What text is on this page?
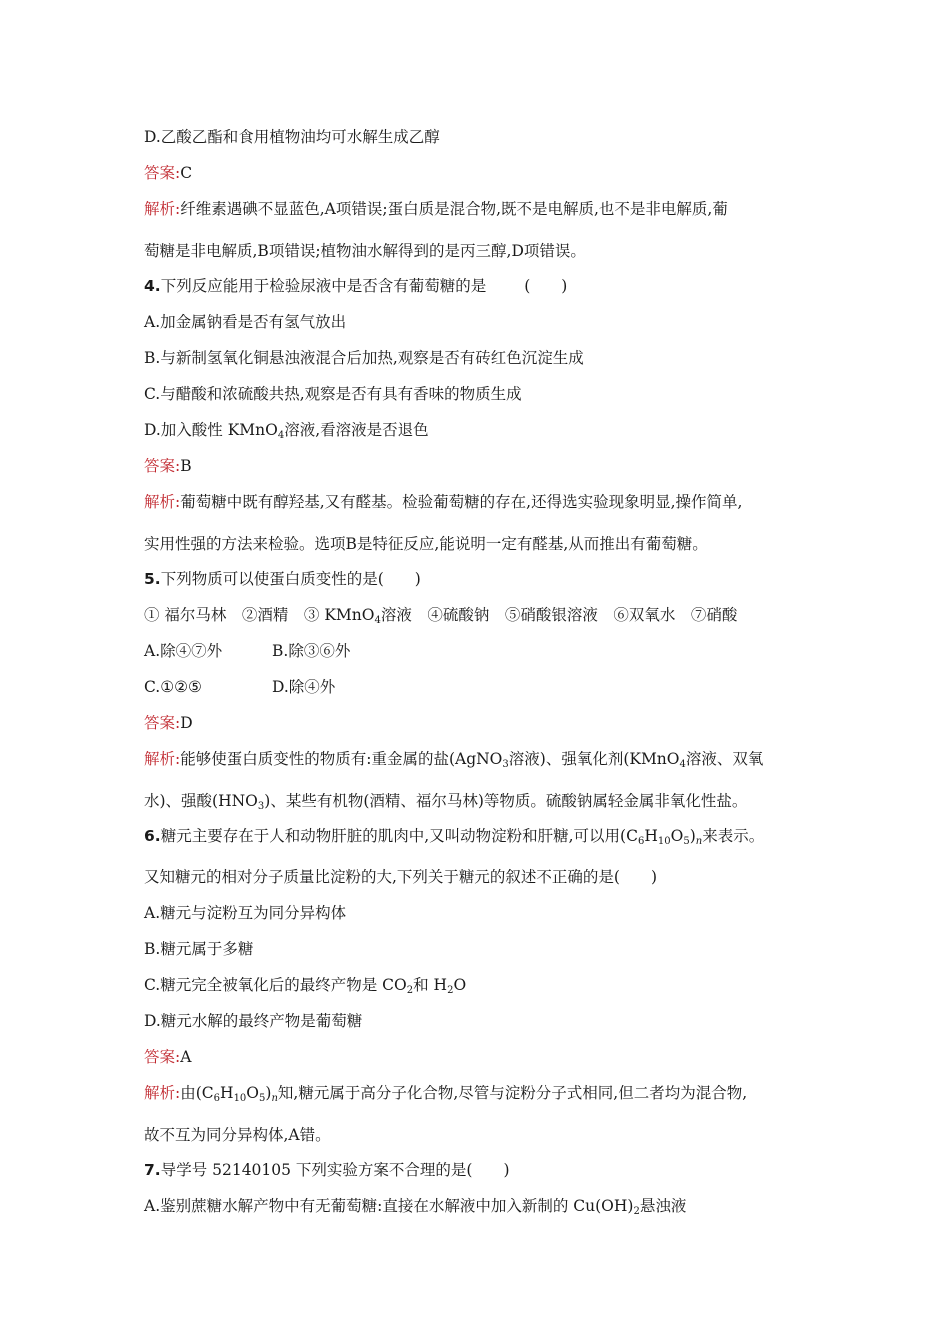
D.乙酸乙酯和食用植物油均可水解生成乙醇
答案:C
解析:纤维素遇碘不显蓝色,A项错误;蛋白质是混合物,既不是电解质,也不是非电解质,葡
萄糖是非电解质,B项错误;植物油水解得到的是丙三醇,D项错误。
4.下列反应能用于检验尿液中是否含有葡萄糖的是 (　　)
A.加金属钠看是否有氢气放出
B.与新制氢氧化铜悬浊液混合后加热,观察是否有砖红色沉淀生成
C.与醋酸和浓硫酸共热,观察是否有具有香味的物质生成
D.加入酸性 KMnO$_4$溶液,看溶液是否退色
答案:B
解析:葡萄糖中既有醇羟基,又有醛基。检验葡萄糖的存在,还得选实验现象明显,操作简单,
实用性强的方法来检验。选项B是特征反应,能说明一定有醛基,从而推出有葡萄糖。
5.下列物质可以使蛋白质变性的是(　　)
① 福尔马林　②酒精　③ KMnO$_4$溶液　④硫酸钠　⑤硝酸银溶液　⑥双氧水　⑦硝酸
A.除④⑦外	B.除③⑥外
C.①②⑤	D.除④外
答案:D
解析:能够使蛋白质变性的物质有:重金属的盐(AgNO$_3$溶液)、强氧化剂(KMnO$_4$溶液、双氧
水)、强酸$(HNO_3)$、某些有机物(酒精、福尔马林)等物质。硫酸钠属轻金属非氧化性盐。
6.糖元主要存在于人和动物肝脏的肌肉中,又叫动物淀粉和肝糖,可以用$(C_6H_{10}O_5)_n$来表示。
又知糖元的相对分子质量比淀粉的大,下列关于糖元的叙述不正确的是(　　)
A.糖元与淀粉互为同分异构体
B.糖元属于多糖
C.糖元完全被氧化后的最终产物是 $CO_2$和 $H_2O$
D.糖元水解的最终产物是葡萄糖
答案:A
解析:由$(C_6H_{10}O_5)_n$知,糖元属于高分子化合物,尽管与淀粉分子式相同,但二者均为混合物,
故不互为同分异构体,A错。
7.导学号 52140105 下列实验方案不合理的是(　　)
A.鉴别蔗糖水解产物中有无葡萄糖:直接在水解液中加入新制的 $Cu(OH)_2$悬浊液
